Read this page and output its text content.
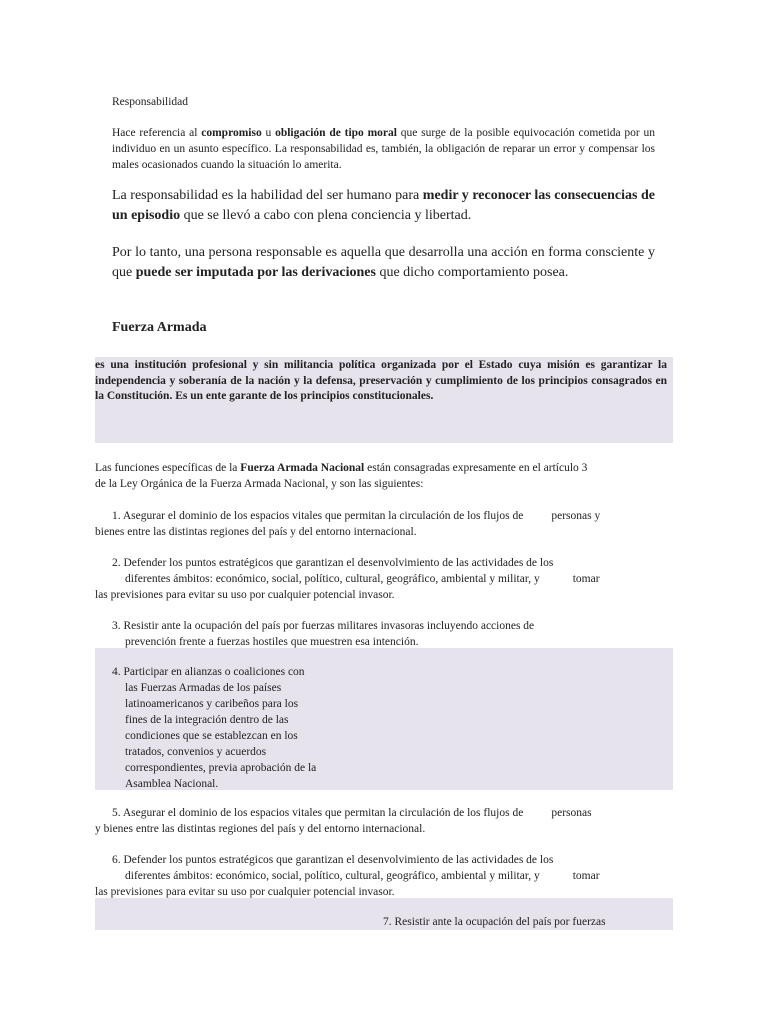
Responsabilidad
Hace referencia al compromiso u obligación de tipo moral que surge de la posible equivocación cometida por un individuo en un asunto específico. La responsabilidad es, también, la obligación de reparar un error y compensar los males ocasionados cuando la situación lo amerita.
La responsabilidad es la habilidad del ser humano para medir y reconocer las consecuencias de un episodio que se llevó a cabo con plena conciencia y libertad.
Por lo tanto, una persona responsable es aquella que desarrolla una acción en forma consciente y que puede ser imputada por las derivaciones que dicho comportamiento posea.
Fuerza Armada
es una institución profesional y sin militancia política organizada por el Estado cuya misión es garantizar la independencia y soberanía de la nación y la defensa, preservación y cumplimiento de los principios consagrados en la Constitución. Es un ente garante de los principios constitucionales.
Las funciones específicas de la Fuerza Armada Nacional están consagradas expresamente en el artículo 3
de la Ley Orgánica de la Fuerza Armada Nacional, y son las siguientes:
1. Asegurar el dominio de los espacios vitales que permitan la circulación de los flujos de personas y
bienes entre las distintas regiones del país y del entorno internacional.
2. Defender los puntos estratégicos que garantizan el desenvolvimiento de las actividades de los
diferentes ámbitos: económico, social, político, cultural, geográfico, ambiental y militar, y	tomar
las previsiones para evitar su uso por cualquier potencial invasor.
3. Resistir ante la ocupación del país por fuerzas militares invasoras incluyendo acciones de
prevención frente a fuerzas hostiles que muestren esa intención.
4. Participar en alianzas o coaliciones con
las Fuerzas Armadas de los países
latinoamericanos y caribeños para los
fines de la integración dentro de las
condiciones que se establezcan en los
tratados, convenios y acuerdos
correspondientes, previa aprobación de la
Asamblea Nacional.
5. Asegurar el dominio de los espacios vitales que permitan la circulación de los flujos de personas
y bienes entre las distintas regiones del país y del entorno internacional.
6. Defender los puntos estratégicos que garantizan el desenvolvimiento de las actividades de los
diferentes ámbitos: económico, social, político, cultural, geográfico, ambiental y militar, y	tomar
las previsiones para evitar su uso por cualquier potencial invasor.
7. Resistir ante la ocupación del país por fuerzas
